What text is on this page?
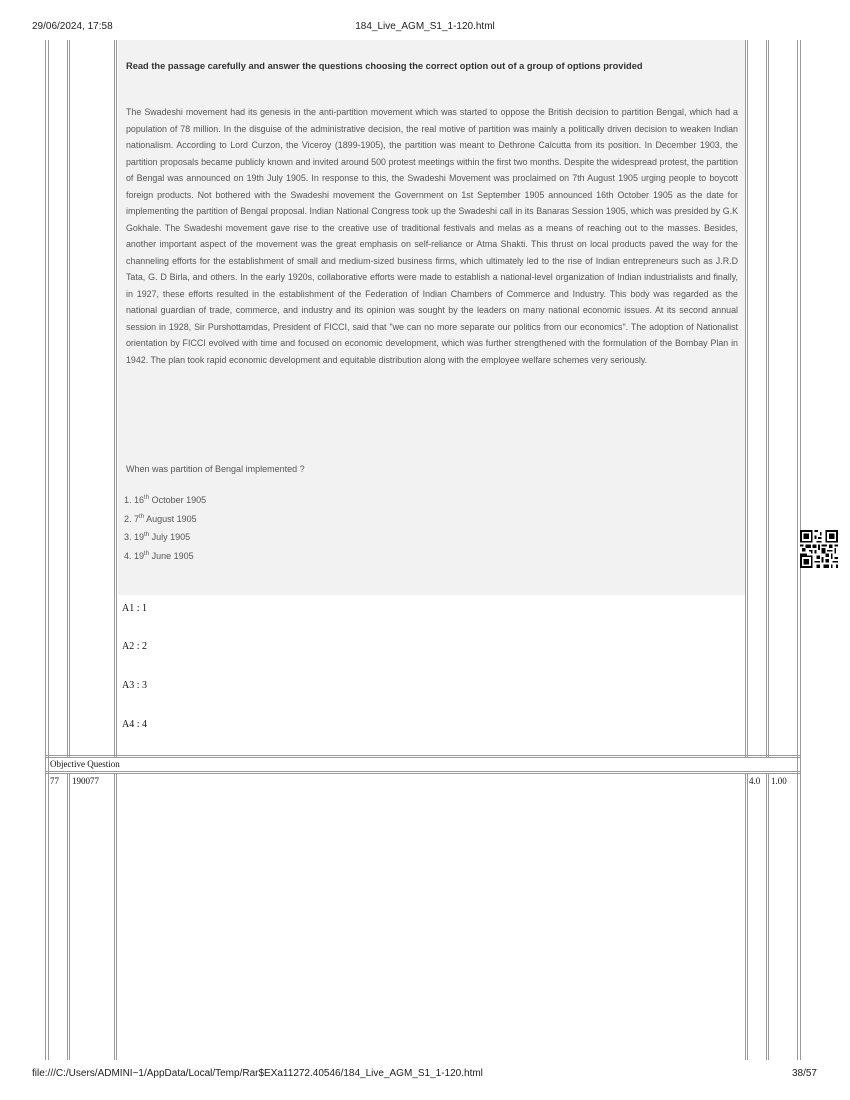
29/06/2024, 17:58	184_Live_AGM_S1_1-120.html
Read the passage carefully and answer the questions choosing the correct option out of a group of options provided
The Swadeshi movement had its genesis in the anti-partition movement which was started to oppose the British decision to partition Bengal, which had a population of 78 million. In the disguise of the administrative decision, the real motive of partition was mainly a politically driven decision to weaken Indian nationalism. According to Lord Curzon, the Viceroy (1899-1905), the partition was meant to Dethrone Calcutta from its position. In December 1903, the partition proposals became publicly known and invited around 500 protest meetings within the first two months. Despite the widespread protest, the partition of Bengal was announced on 19th July 1905. In response to this, the Swadeshi Movement was proclaimed on 7th August 1905 urging people to boycott foreign products. Not bothered with the Swadeshi movement the Government on 1st September 1905 announced 16th October 1905 as the date for implementing the partition of Bengal proposal. Indian National Congress took up the Swadeshi call in its Banaras Session 1905, which was presided by G.K Gokhale. The Swadeshi movement gave rise to the creative use of traditional festivals and melas as a means of reaching out to the masses. Besides, another important aspect of the movement was the great emphasis on self-reliance or Atma Shakti. This thrust on local products paved the way for the channeling efforts for the establishment of small and medium-sized business firms, which ultimately led to the rise of Indian entrepreneurs such as J.R.D Tata, G. D Birla, and others. In the early 1920s, collaborative efforts were made to establish a national-level organization of Indian industrialists and finally, in 1927, these efforts resulted in the establishment of the Federation of Indian Chambers of Commerce and Industry. This body was regarded as the national guardian of trade, commerce, and industry and its opinion was sought by the leaders on many national economic issues. At its second annual session in 1928, Sir Purshottamdas, President of FICCI, said that "we can no more separate our politics from our economics". The adoption of Nationalist orientation by FICCI evolved with time and focused on economic development, which was further strengthened with the formulation of the Bombay Plan in 1942. The plan took rapid economic development and equitable distribution along with the employee welfare schemes very seriously.
When was partition of Bengal implemented ?
1. 16th October 1905
2. 7th August 1905
3. 19th July 1905
4. 19th June 1905
A1 : 1
A2 : 2
A3 : 3
A4 : 4
Objective Question
77 190077	4.0 1.00
file:///C:/Users/ADMINI~1/AppData/Local/Temp/Rar$EXa11272.40546/184_Live_AGM_S1_1-120.html	38/57
